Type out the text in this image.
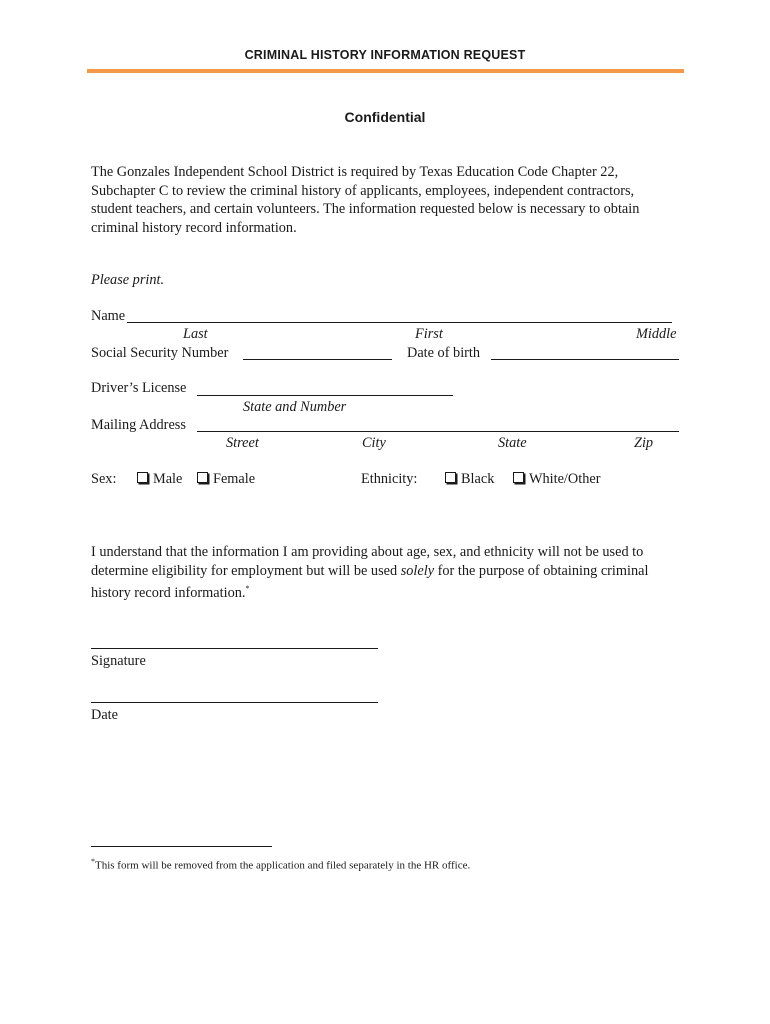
CRIMINAL HISTORY INFORMATION REQUEST
Confidential
The Gonzales Independent School District is required by Texas Education Code Chapter 22,
Subchapter C to review the criminal history of applicants, employees, independent contractors,
student teachers, and certain volunteers. The information requested below is necessary to obtain
criminal history record information.
Please print.
Name
Last	First	Middle
Social Security Number	Date of birth
Driver’s License
State and Number
Mailing Address
Street	City	State	Zip
Sex:	Male	Female	Ethnicity:	Black	White/Other
I understand that the information I am providing about age, sex, and ethnicity will not be used to
determine eligibility for employment but will be used solely for the purpose of obtaining criminal
history record information.*
Signature
Date
*This form will be removed from the application and filed separately in the HR office.
